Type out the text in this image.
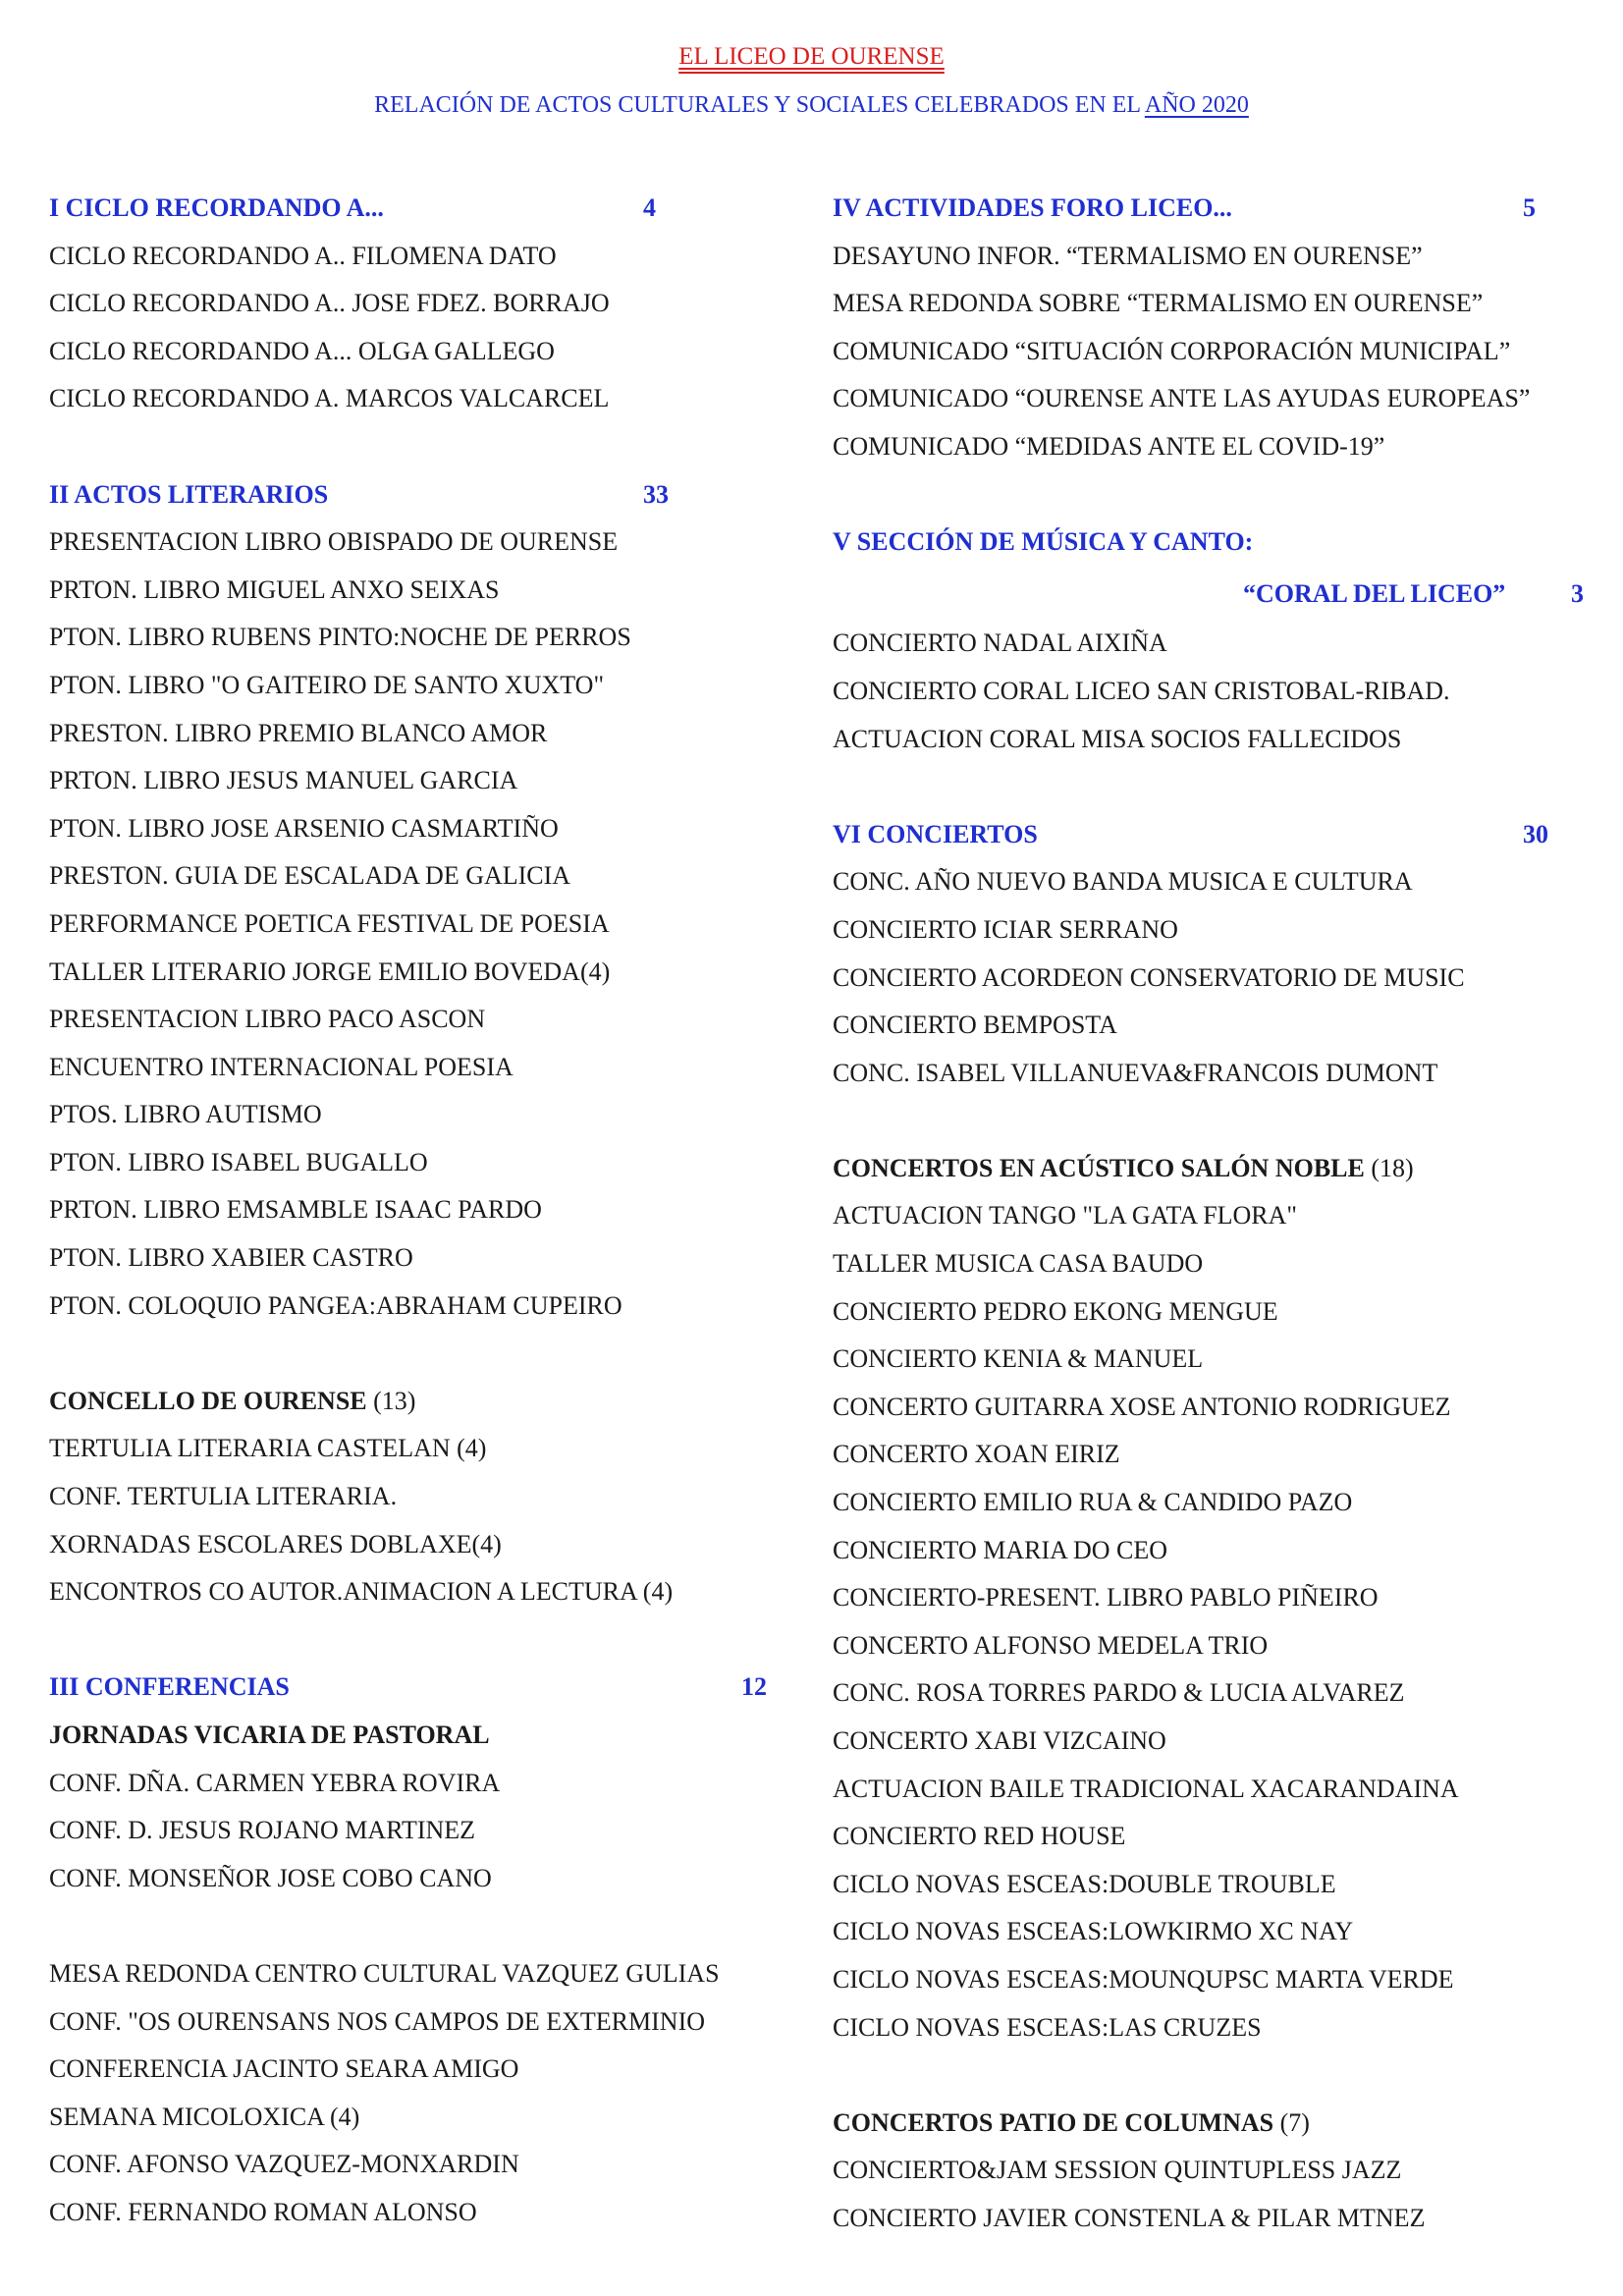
EL LICEO DE OURENSE
RELACIÓN DE ACTOS CULTURALES Y SOCIALES CELEBRADOS EN EL AÑO 2020
I CICLO RECORDANDO A...	4
CICLO RECORDANDO A.. FILOMENA DATO
CICLO RECORDANDO A.. JOSE FDEZ. BORRAJO
CICLO RECORDANDO A... OLGA GALLEGO
CICLO RECORDANDO A. MARCOS VALCARCEL
II ACTOS LITERARIOS	33
PRESENTACION LIBRO OBISPADO DE OURENSE
PRTON. LIBRO MIGUEL ANXO SEIXAS
PTON. LIBRO RUBENS PINTO:NOCHE DE PERROS
PTON. LIBRO "O GAITEIRO DE SANTO XUXTO"
PRESTON. LIBRO PREMIO BLANCO AMOR
PRTON. LIBRO JESUS MANUEL GARCIA
PTON. LIBRO JOSE ARSENIO CASMARTIÑO
PRESTON. GUIA DE ESCALADA DE GALICIA
PERFORMANCE POETICA FESTIVAL DE POESIA
TALLER LITERARIO JORGE EMILIO BOVEDA(4)
PRESENTACION LIBRO PACO ASCON
ENCUENTRO INTERNACIONAL POESIA
PTOS. LIBRO AUTISMO
PTON. LIBRO ISABEL BUGALLO
PRTON. LIBRO EMSAMBLE ISAAC PARDO
PTON. LIBRO XABIER CASTRO
PTON. COLOQUIO PANGEA:ABRAHAM CUPEIRO
CONCELLO DE OURENSE (13)
TERTULIA LITERARIA CASTELAN (4)
CONF. TERTULIA LITERARIA.
XORNADAS ESCOLARES DOBLAXE(4)
ENCONTROS CO AUTOR.ANIMACION A LECTURA (4)
III CONFERENCIAS	12
JORNADAS VICARIA DE PASTORAL
CONF. DÑA. CARMEN YEBRA ROVIRA
CONF. D. JESUS ROJANO MARTINEZ
CONF. MONSEÑOR JOSE COBO CANO
MESA REDONDA CENTRO CULTURAL VAZQUEZ GULIAS
CONF. "OS OURENSANS NOS CAMPOS DE EXTERMINIO
CONFERENCIA JACINTO SEARA AMIGO
SEMANA MICOLOXICA (4)
CONF. AFONSO VAZQUEZ-MONXARDIN
CONF. FERNANDO ROMAN ALONSO
IV ACTIVIDADES FORO LICEO...	5
DESAYUNO INFOR. “TERMALISMO EN OURENSE”
MESA REDONDA SOBRE “TERMALISMO EN OURENSE”
COMUNICADO “SITUACIÓN CORPORACIÓN MUNICIPAL”
COMUNICADO “OURENSE ANTE LAS AYUDAS EUROPEAS”
COMUNICADO “MEDIDAS ANTE EL COVID-19”
V SECCIÓN DE MÚSICA Y CANTO:
“CORAL DEL LICEO”	3
CONCIERTO NADAL AIXIÑA
CONCIERTO CORAL LICEO SAN CRISTOBAL-RIBAD.
ACTUACION CORAL MISA SOCIOS FALLECIDOS
VI CONCIERTOS	30
CONC. AÑO NUEVO BANDA MUSICA E CULTURA
CONCIERTO ICIAR SERRANO
CONCIERTO ACORDEON CONSERVATORIO DE MUSIC
CONCIERTO BEMPOSTA
CONC. ISABEL VILLANUEVA&FRANCOIS DUMONT
CONCERTOS EN ACÚSTICO SALÓN NOBLE (18)
ACTUACION TANGO "LA GATA FLORA"
TALLER MUSICA CASA BAUDO
CONCIERTO PEDRO EKONG MENGUE
CONCIERTO KENIA & MANUEL
CONCERTO GUITARRA XOSE ANTONIO RODRIGUEZ
CONCERTO XOAN EIRIZ
CONCIERTO EMILIO RUA & CANDIDO PAZO
CONCIERTO MARIA DO CEO
CONCIERTO-PRESENT. LIBRO PABLO PIÑEIRO
CONCERTO ALFONSO MEDELA TRIO
CONC. ROSA TORRES PARDO & LUCIA ALVAREZ
CONCERTO XABI VIZCAINO
ACTUACION BAILE TRADICIONAL XACARANDAINA
CONCIERTO RED HOUSE
CICLO NOVAS ESCEAS:DOUBLE TROUBLE
CICLO NOVAS ESCEAS:LOWKIRMO XC NAY
CICLO NOVAS ESCEAS:MOUNQUPSC MARTA VERDE
CICLO NOVAS ESCEAS:LAS CRUZES
CONCERTOS PATIO DE COLUMNAS (7)
CONCIERTO&JAM SESSION QUINTUPLESS JAZZ
CONCIERTO JAVIER CONSTENLA & PILAR MTNEZ
